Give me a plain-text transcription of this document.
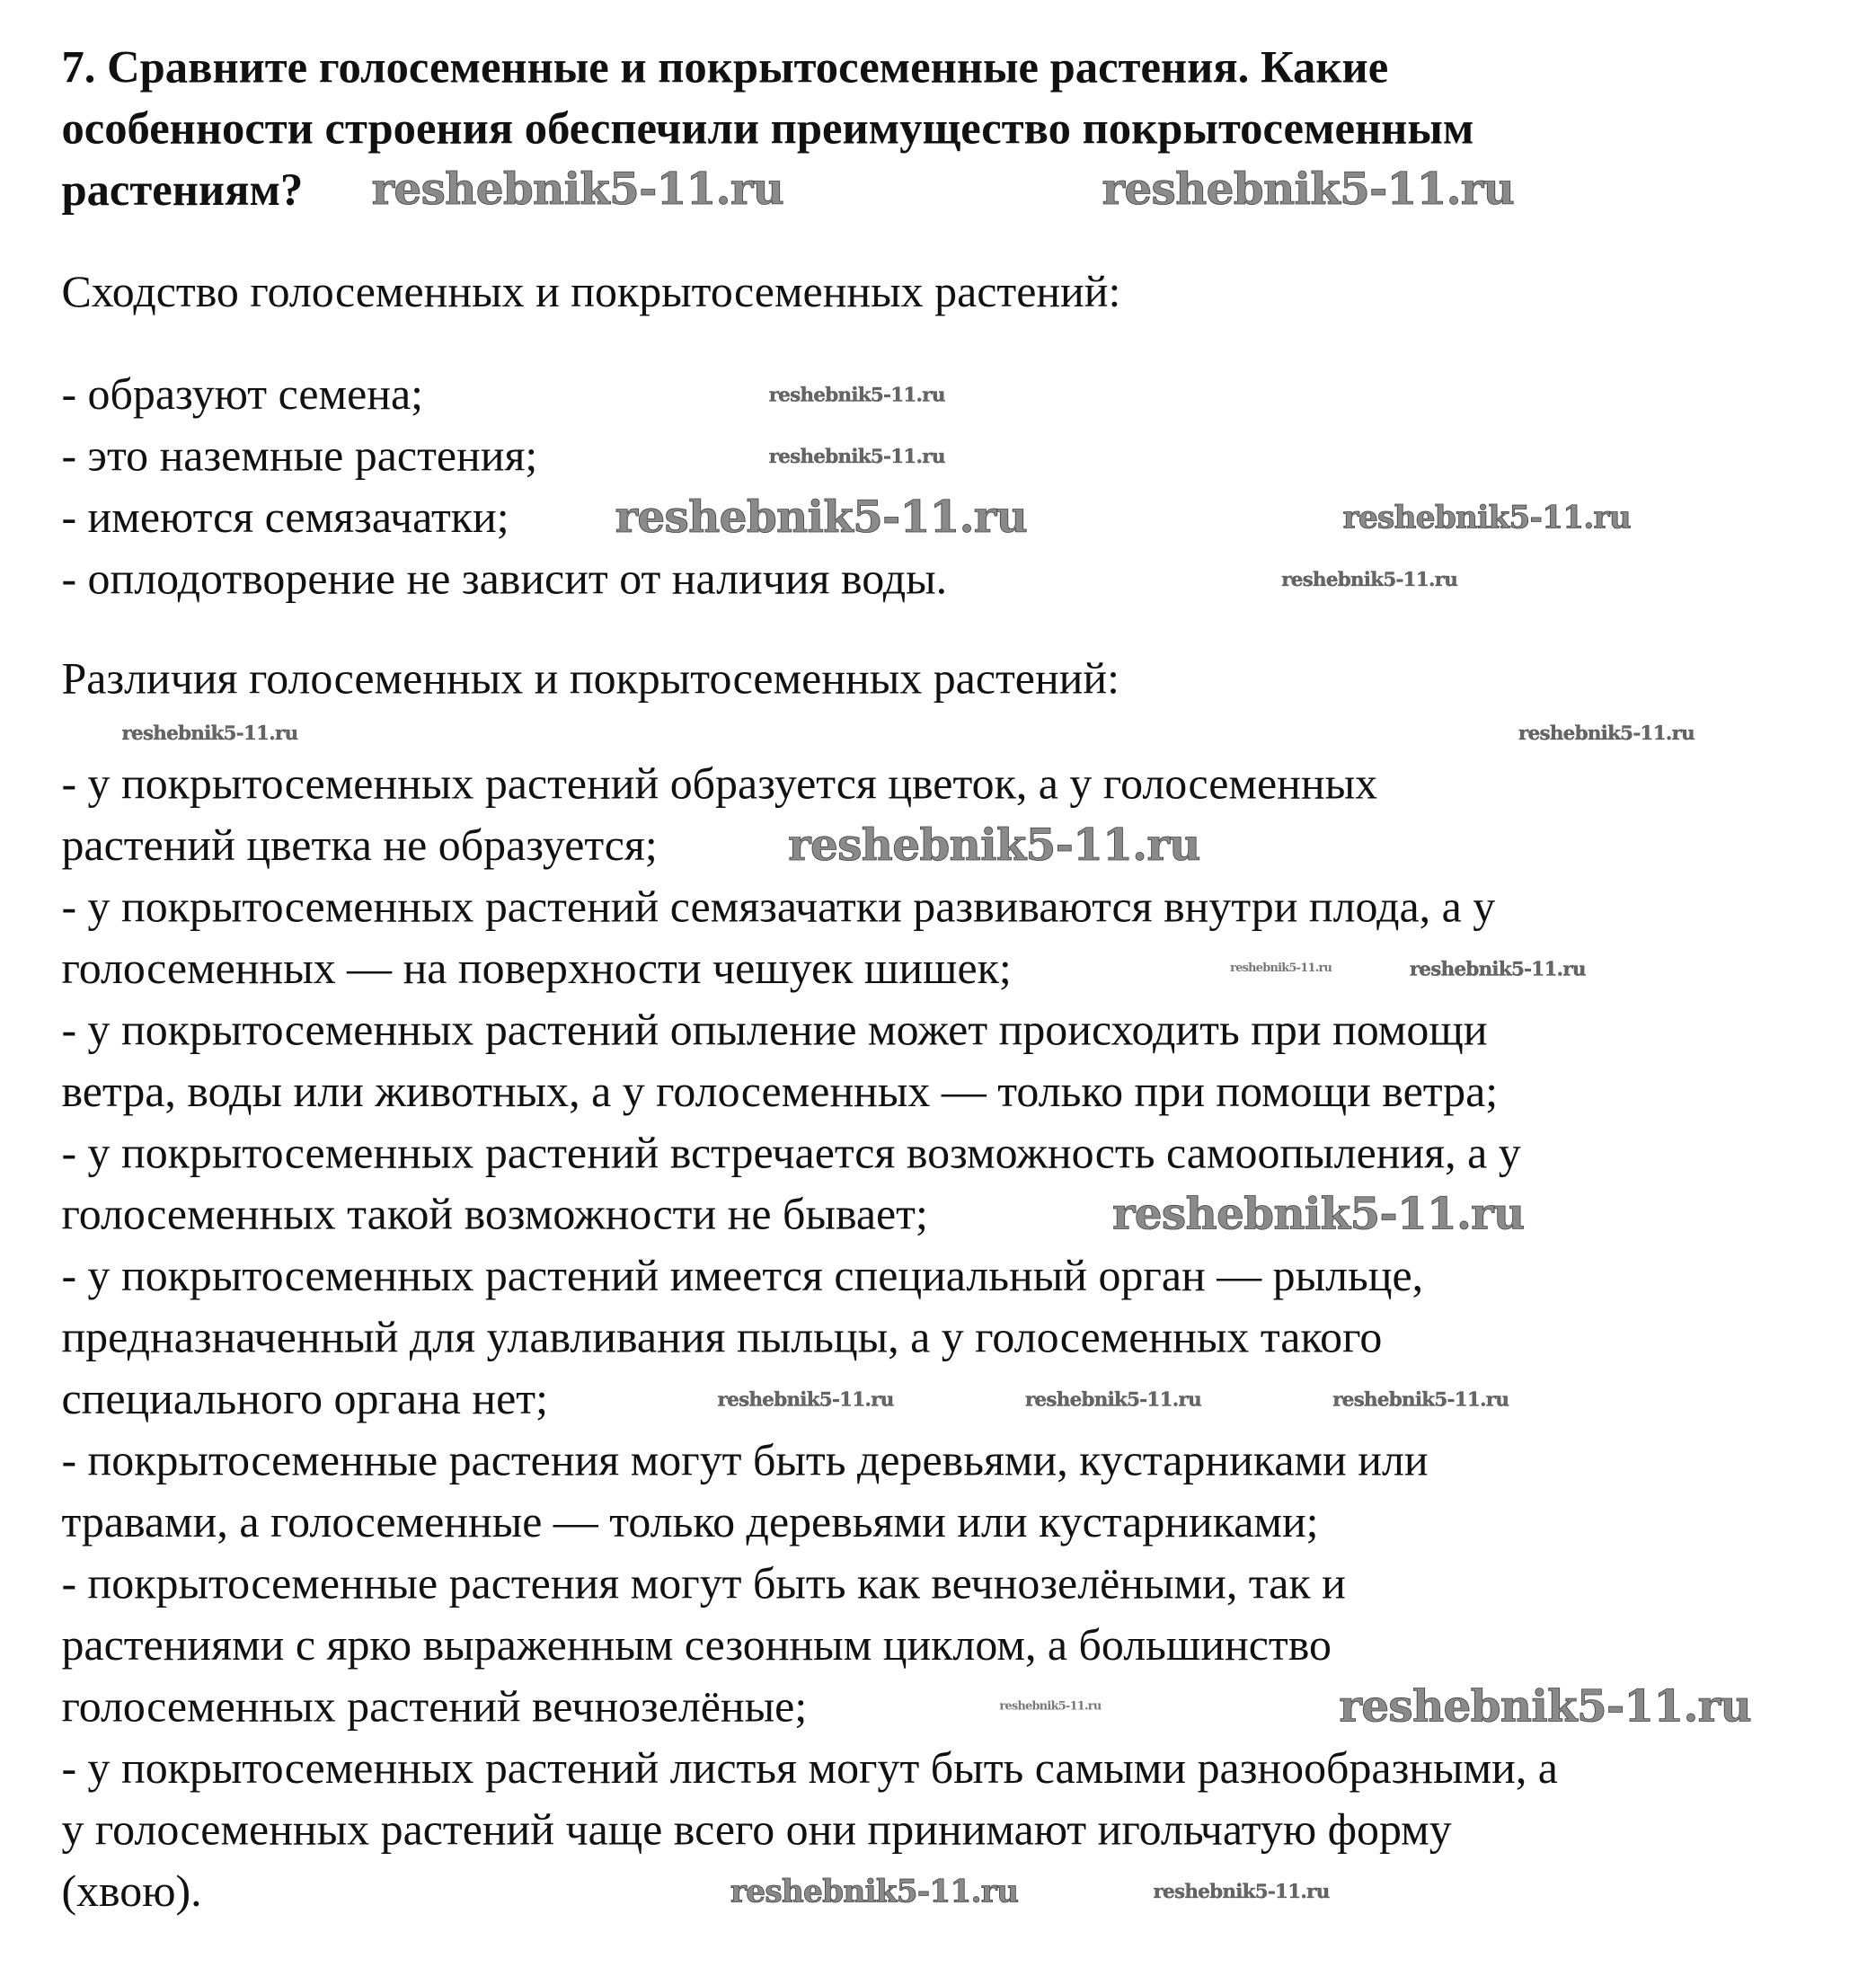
7. Сравните голосеменные и покрытосеменные растения. Какие
особенности строения обеспечили преимущество покрытосеменным
растениям?
Сходство голосеменных и покрытосеменных растений:
- образуют семена;
- это наземные растения;
- имеются семязачатки;
- оплодотворение не зависит от наличия воды.
Различия голосеменных и покрытосеменных растений:
- у покрытосеменных растений образуется цветок, а у голосеменных
растений цветка не образуется;
- у покрытосеменных растений семязачатки развиваются внутри плода, а у
голосеменных — на поверхности чешуек шишек;
- у покрытосеменных растений опыление может происходить при помощи
ветра, воды или животных, а у голосеменных — только при помощи ветра;
- у покрытосеменных растений встречается возможность самоопыления, а у
голосеменных такой возможности не бывает;
- у покрытосеменных растений имеется специальный орган — рыльце,
предназначенный для улавливания пыльцы, а у голосеменных такого
специального органа нет;
- покрытосеменные растения могут быть деревьями, кустарниками или
травами, а голосеменные — только деревьями или кустарниками;
- покрытосеменные растения могут быть как вечнозелёными, так и
растениями с ярко выраженным сезонным циклом, а большинство
голосеменных растений вечнозелёные;
- у покрытосеменных растений листья могут быть самыми разнообразными, а
у голосеменных растений чаще всего они принимают игольчатую форму
(хвою).
reshebnik5-11.ru	reshebnik5-11.ru
reshebnik5-11.ru
reshebnik5-11.ru
reshebnik5-11.ru	reshebnik5-11.ru
reshebnik5-11.ru
reshebnik5-11.ru	reshebnik5-11.ru
reshebnik5-11.ru
reshebnik5-11.ru	reshebnik5-11.ru
reshebnik5-11.ru
reshebnik5-11.ru	reshebnik5-11.ru	reshebnik5-11.ru
reshebnik5-11.ru	reshebnik5-11.ru
reshebnik5-11.ru	reshebnik5-11.ru
